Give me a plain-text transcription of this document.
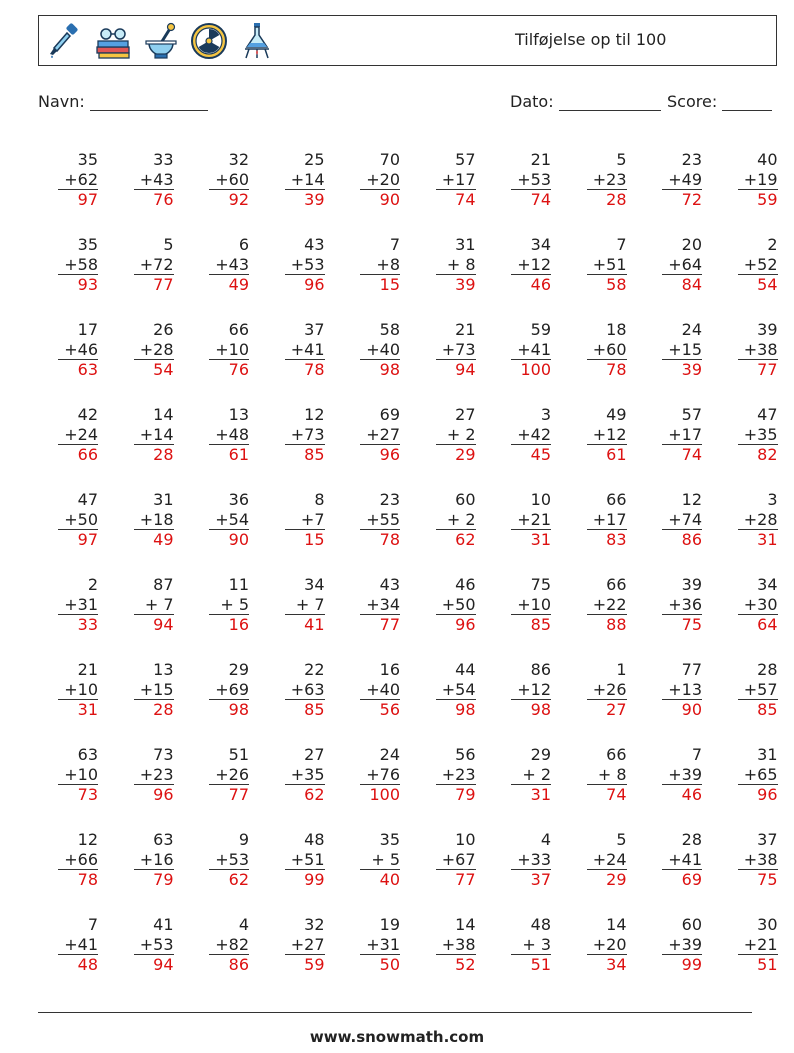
Tilføjelse op til 100
Navn:	Dato:	Score:
35
+62
97
33
+43
76
32
+60
92
25
+14
39
70
+20
90
57
+17
74
21
+53
74
5
+23
28
23
+49
72
40
+19
59
35
+58
93
5
+72
77
6
+43
49
43
+53
96
7
+8
15
31
+ 8
39
34
+12
46
7
+51
58
20
+64
84
2
+52
54
17
+46
63
26
+28
54
66
+10
76
37
+41
78
58
+40
98
21
+73
94
59
+41
100
18
+60
78
24
+15
39
39
+38
77
42
+24
66
14
+14
28
13
+48
61
12
+73
85
69
+27
96
27
+ 2
29
3
+42
45
49
+12
61
57
+17
74
47
+35
82
47
+50
97
31
+18
49
36
+54
90
8
+7
15
23
+55
78
60
+ 2
62
10
+21
31
66
+17
83
12
+74
86
3
+28
31
2
+31
33
87
+ 7
94
11
+ 5
16
34
+ 7
41
43
+34
77
46
+50
96
75
+10
85
66
+22
88
39
+36
75
34
+30
64
21
+10
31
13
+15
28
29
+69
98
22
+63
85
16
+40
56
44
+54
98
86
+12
98
1
+26
27
77
+13
90
28
+57
85
63
+10
73
73
+23
96
51
+26
77
27
+35
62
24
+76
100
56
+23
79
29
+ 2
31
66
+ 8
74
7
+39
46
31
+65
96
12
+66
78
63
+16
79
9
+53
62
48
+51
99
35
+ 5
40
10
+67
77
4
+33
37
5
+24
29
28
+41
69
37
+38
75
7
+41
48
41
+53
94
4
+82
86
32
+27
59
19
+31
50
14
+38
52
48
+ 3
51
14
+20
34
60
+39
99
30
+21
51
www.snowmath.com
